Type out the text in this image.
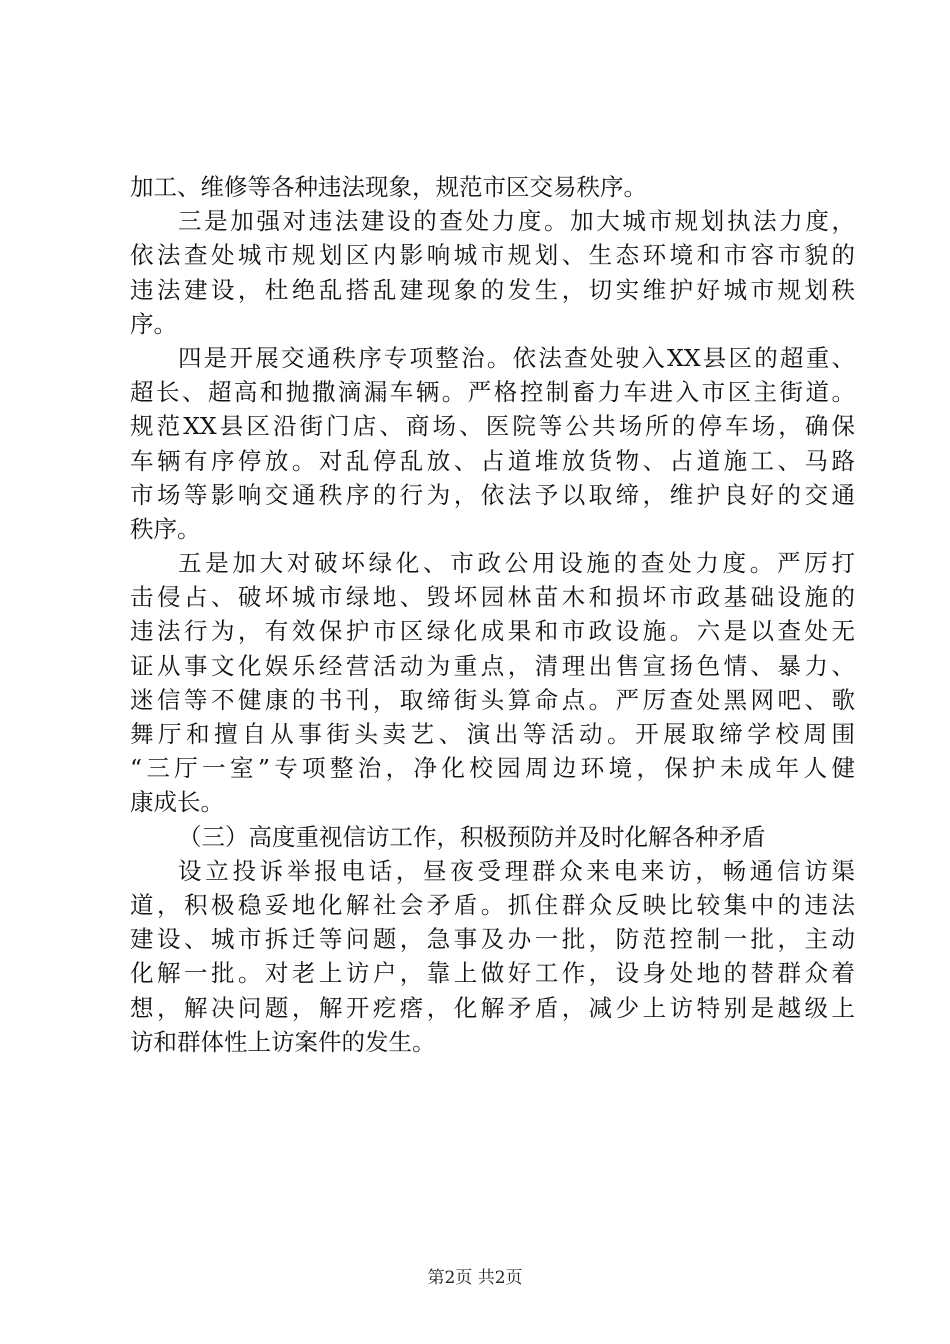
加工、维修等各种违法现象，规范市区交易秩序。

三是加强对违法建设的查处力度。加大城市规划执法力度，

依法查处城市规划区内影响城市规划、生态环境和市容市貌的

违法建设，杜绝乱搭乱建现象的发生，切实维护好城市规划秩

序。

四是开展交通秩序专项整治。依法查处驶入XX县区的超重、

超长、超高和抛撒滴漏车辆。严格控制畜力车进入市区主街道。

规范XX县区沿街门店、商场、医院等公共场所的停车场，确保

车辆有序停放。对乱停乱放、占道堆放货物、占道施工、马路

市场等影响交通秩序的行为，依法予以取缔，维护良好的交通

秩序。

五是加大对破坏绿化、市政公用设施的查处力度。严厉打

击侵占、破坏城市绿地、毁坏园林苗木和损坏市政基础设施的

违法行为，有效保护市区绿化成果和市政设施。六是以查处无

证从事文化娱乐经营活动为重点，清理出售宣扬色情、暴力、

迷信等不健康的书刊，取缔街头算命点。严厉查处黑网吧、歌

舞厅和擅自从事街头卖艺、演出等活动。开展取缔学校周围

“三厅一室”专项整治，净化校园周边环境，保护未成年人健

康成长。

（三）高度重视信访工作，积极预防并及时化解各种矛盾

设立投诉举报电话，昼夜受理群众来电来访，畅通信访渠

道，积极稳妥地化解社会矛盾。抓住群众反映比较集中的违法

建设、城市拆迁等问题，急事及办一批，防范控制一批，主动

化解一批。对老上访户，靠上做好工作，设身处地的替群众着

想，解决问题，解开疙瘩，化解矛盾，减少上访特别是越级上

访和群体性上访案件的发生。

第2页 共2页
